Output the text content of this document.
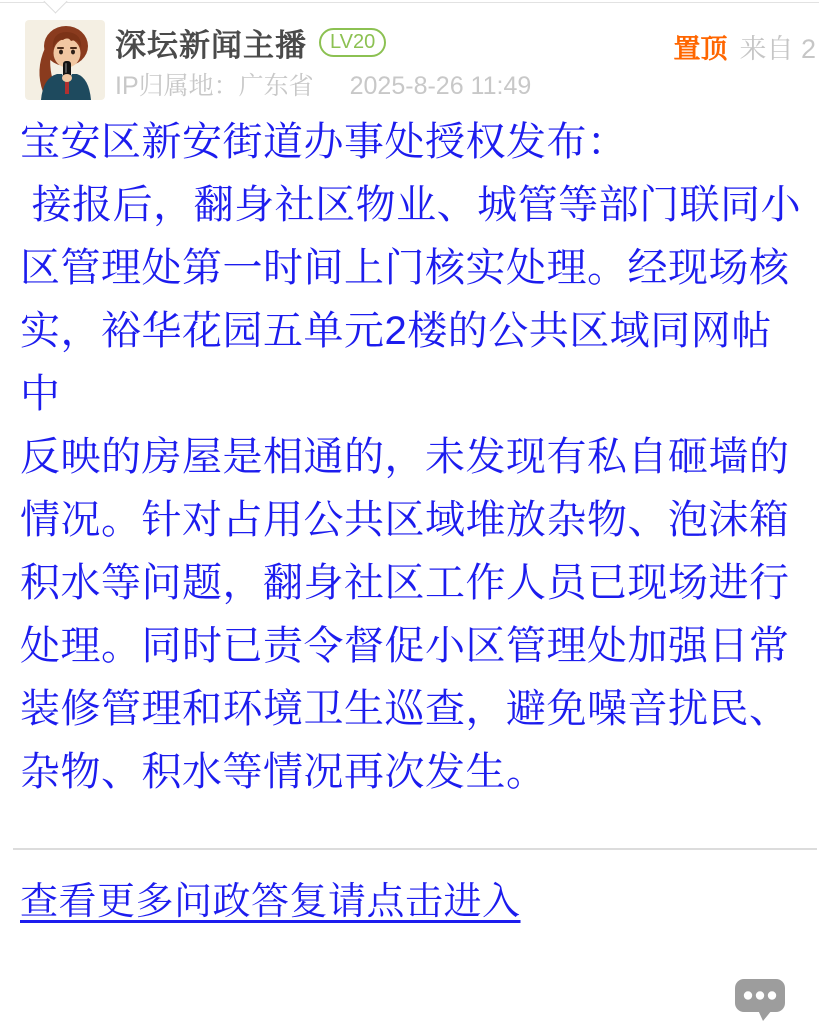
深坛新闻主播	LV20
IP归属地：广东省 2025-8-26 11:49
置顶 来自 2
宝安区新安街道办事处授权发布：
接报后，翻身社区物业、城管等部门联同小
区管理处第一时间上门核实处理。经现场核
实，裕华花园五单元2楼的公共区域同网帖中
反映的房屋是相通的，未发现有私自砸墙的
情况。针对占用公共区域堆放杂物、泡沫箱
积水等问题，翻身社区工作人员已现场进行
处理。同时已责令督促小区管理处加强日常
装修管理和环境卫生巡查，避免噪音扰民、
杂物、积水等情况再次发生。
查看更多问政答复请点击进入
